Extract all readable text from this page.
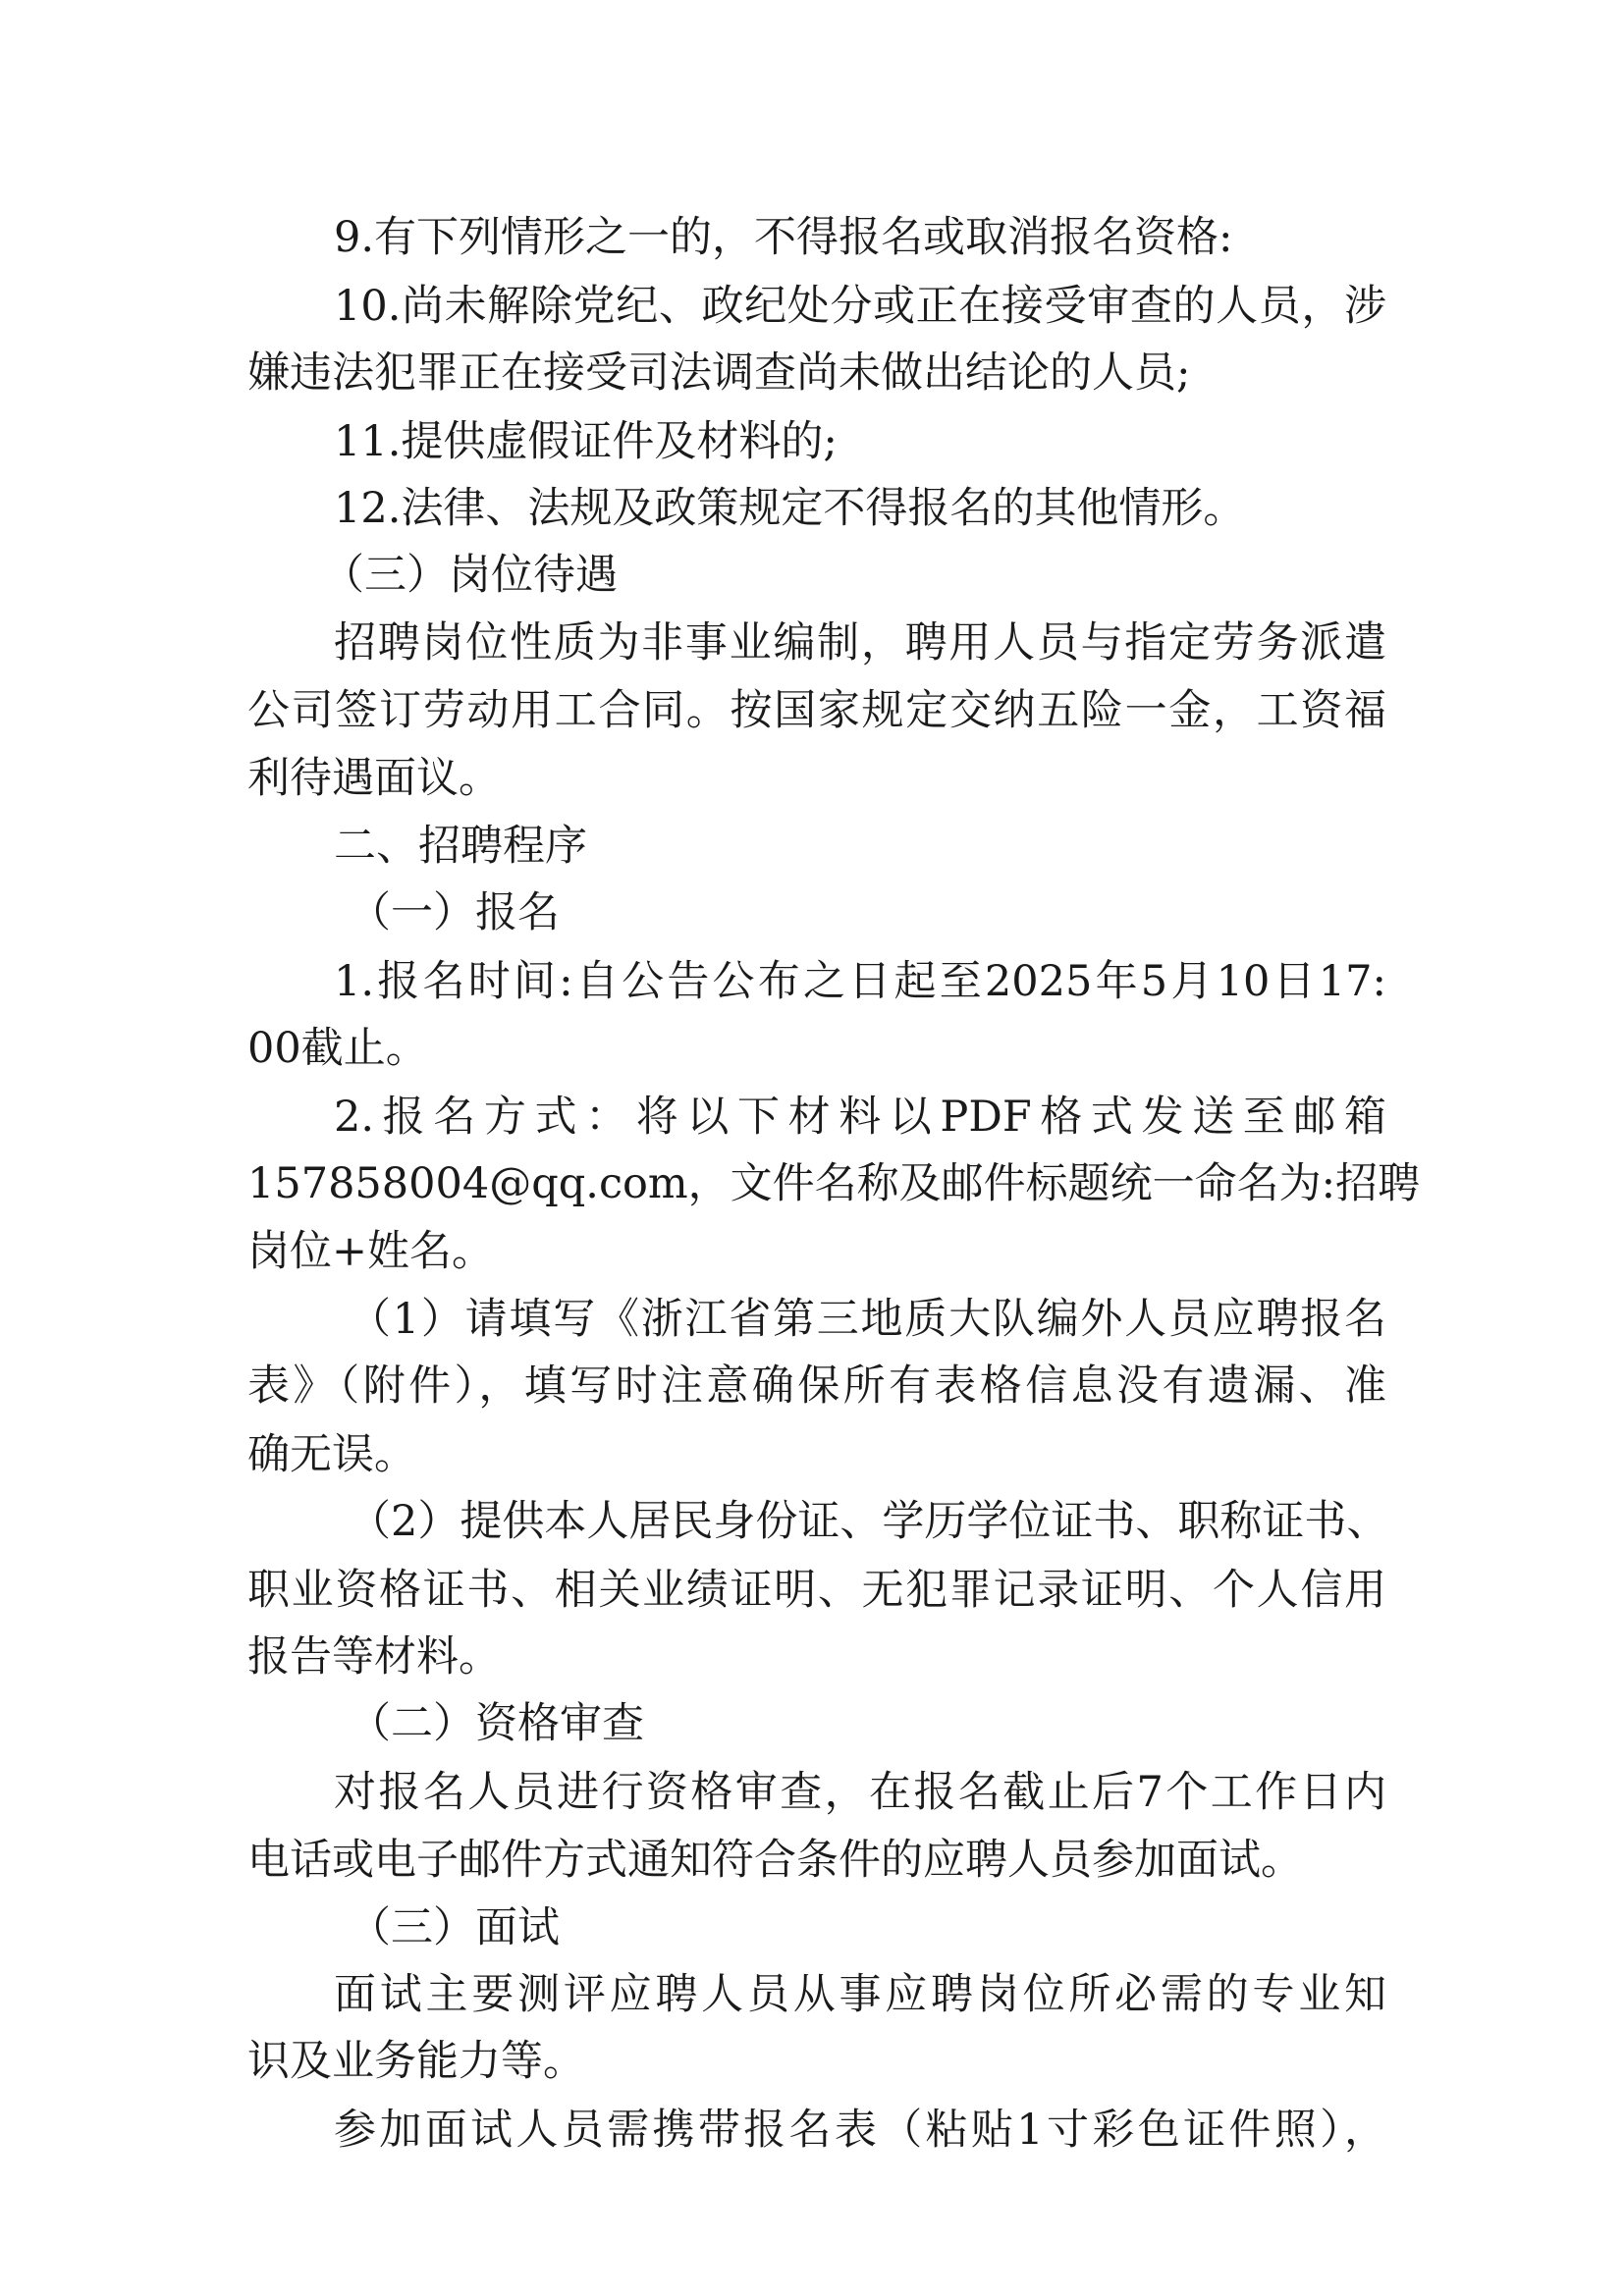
9.有下列情形之一的，不得报名或取消报名资格:
10.尚未解除党纪、政纪处分或正在接受审查的人员，涉
嫌违法犯罪正在接受司法调查尚未做出结论的人员;
11.提供虚假证件及材料的;
12.法律、法规及政策规定不得报名的其他情形。
（三）岗位待遇
招聘岗位性质为非事业编制，聘用人员与指定劳务派遣
公司签订劳动用工合同。按国家规定交纳五险一金，工资福
利待遇面议。
二、招聘程序
（一）报名
1.报名时间:自公告公布之日起至2025年5月10日17:
00截止。
2.报名方式：将以下材料以PDF格式发送至邮箱
157858004@qq.com，文件名称及邮件标题统一命名为:招聘
岗位+姓名。
（1）请填写《浙江省第三地质大队编外人员应聘报名
表》（附件），填写时注意确保所有表格信息没有遗漏、准
确无误。
（2）提供本人居民身份证、学历学位证书、职称证书、
职业资格证书、相关业绩证明、无犯罪记录证明、个人信用
报告等材料。
（二）资格审查
对报名人员进行资格审查，在报名截止后7个工作日内
电话或电子邮件方式通知符合条件的应聘人员参加面试。
（三）面试
面试主要测评应聘人员从事应聘岗位所必需的专业知
识及业务能力等。
参加面试人员需携带报名表（粘贴1寸彩色证件照），
